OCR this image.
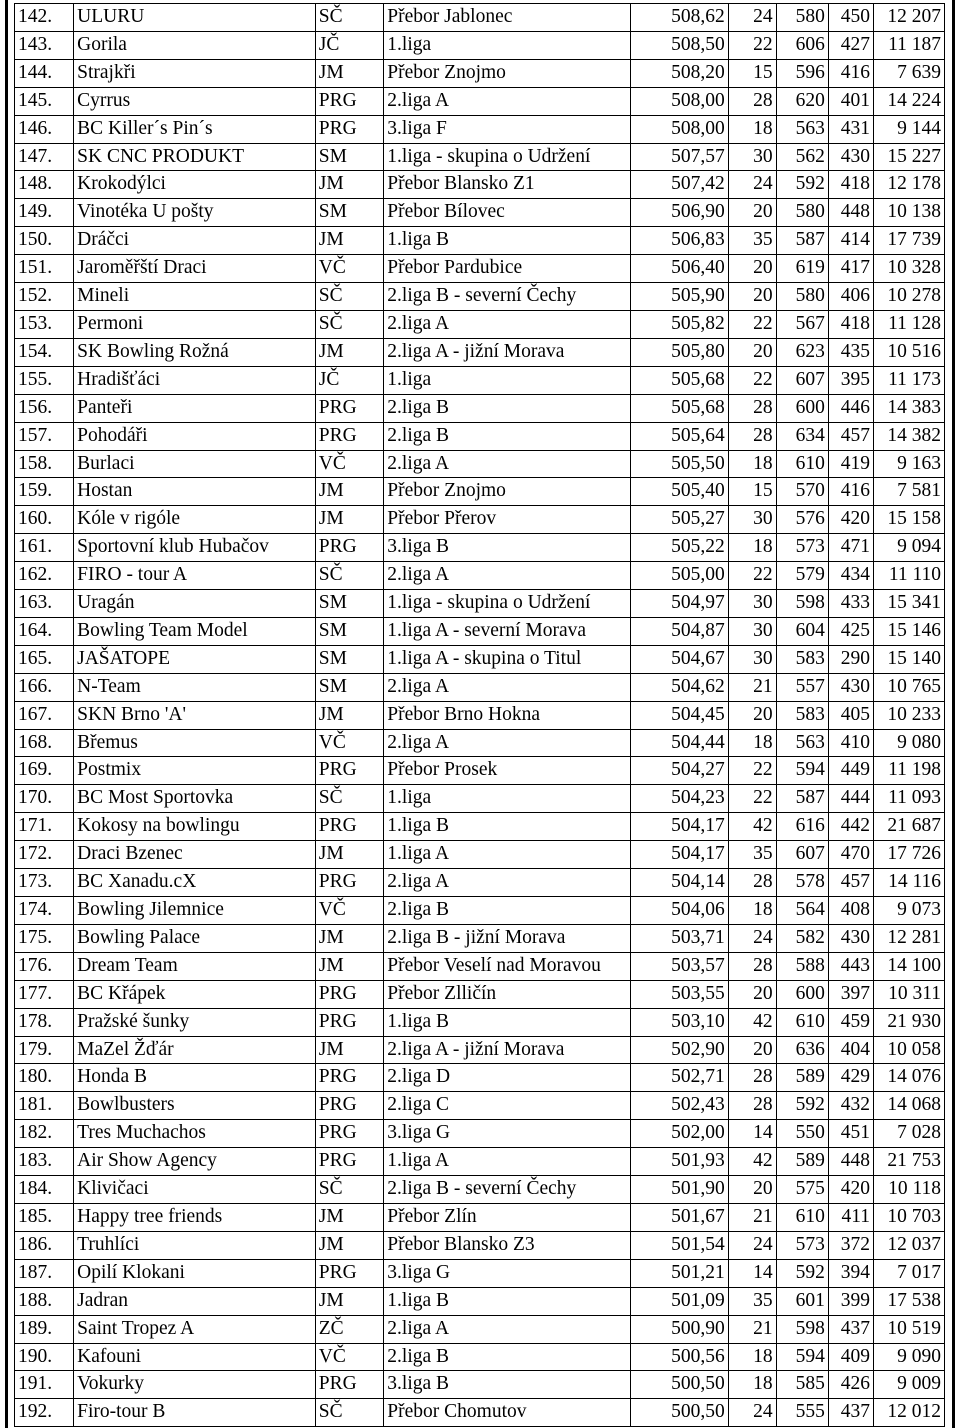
142.	ULURU	SČ	Přebor Jablonec	508,62	24	580	450	12 207
143.	Gorila	JČ	1.liga	508,50	22	606	427	11 187
144.	Strajkři	JM	Přebor Znojmo	508,20	15	596	416	7 639
145.	Cyrrus	PRG	2.liga A	508,00	28	620	401	14 224
146.	BC Killer´s Pin´s	PRG	3.liga F	508,00	18	563	431	9 144
147.	SK CNC PRODUKT	SM	1.liga - skupina o Udržení	507,57	30	562	430	15 227
148.	Krokodýlci	JM	Přebor Blansko Z1	507,42	24	592	418	12 178
149.	Vinotéka U pošty	SM	Přebor Bílovec	506,90	20	580	448	10 138
150.	Dráčci	JM	1.liga B	506,83	35	587	414	17 739
151.	Jaroměřští Draci	VČ	Přebor Pardubice	506,40	20	619	417	10 328
152.	Mineli	SČ	2.liga B - severní Čechy	505,90	20	580	406	10 278
153.	Permoni	SČ	2.liga A	505,82	22	567	418	11 128
154.	SK Bowling Rožná	JM	2.liga A - jižní Morava	505,80	20	623	435	10 516
155.	Hradišťáci	JČ	1.liga	505,68	22	607	395	11 173
156.	Panteři	PRG	2.liga B	505,68	28	600	446	14 383
157.	Pohodáři	PRG	2.liga B	505,64	28	634	457	14 382
158.	Burlaci	VČ	2.liga A	505,50	18	610	419	9 163
159.	Hostan	JM	Přebor Znojmo	505,40	15	570	416	7 581
160.	Kóle v rigóle	JM	Přebor Přerov	505,27	30	576	420	15 158
161.	Sportovní klub Hubačov	PRG	3.liga B	505,22	18	573	471	9 094
162.	FIRO - tour A	SČ	2.liga A	505,00	22	579	434	11 110
163.	Uragán	SM	1.liga - skupina o Udržení	504,97	30	598	433	15 341
164.	Bowling Team Model	SM	1.liga A - severní Morava	504,87	30	604	425	15 146
165.	JAŠATOPE	SM	1.liga A - skupina o Titul	504,67	30	583	290	15 140
166.	N-Team	SM	2.liga A	504,62	21	557	430	10 765
167.	SKN Brno 'A'	JM	Přebor Brno Hokna	504,45	20	583	405	10 233
168.	Břemus	VČ	2.liga A	504,44	18	563	410	9 080
169.	Postmix	PRG	Přebor Prosek	504,27	22	594	449	11 198
170.	BC Most Sportovka	SČ	1.liga	504,23	22	587	444	11 093
171.	Kokosy na bowlingu	PRG	1.liga B	504,17	42	616	442	21 687
172.	Draci Bzenec	JM	1.liga A	504,17	35	607	470	17 726
173.	BC Xanadu.cX	PRG	2.liga A	504,14	28	578	457	14 116
174.	Bowling Jilemnice	VČ	2.liga B	504,06	18	564	408	9 073
175.	Bowling Palace	JM	2.liga B - jižní Morava	503,71	24	582	430	12 281
176.	Dream Team	JM	Přebor Veselí nad Moravou	503,57	28	588	443	14 100
177.	BC Křápek	PRG	Přebor Zllіčín	503,55	20	600	397	10 311
178.	Pražské šunky	PRG	1.liga B	503,10	42	610	459	21 930
179.	MaZel Žďár	JM	2.liga A - jižní Morava	502,90	20	636	404	10 058
180.	Honda B	PRG	2.liga D	502,71	28	589	429	14 076
181.	Bowlbusters	PRG	2.liga C	502,43	28	592	432	14 068
182.	Tres Muchachos	PRG	3.liga G	502,00	14	550	451	7 028
183.	Air Show Agency	PRG	1.liga A	501,93	42	589	448	21 753
184.	Klivičaci	SČ	2.liga B - severní Čechy	501,90	20	575	420	10 118
185.	Happy tree friends	JM	Přebor Zlín	501,67	21	610	411	10 703
186.	Truhlíci	JM	Přebor Blansko Z3	501,54	24	573	372	12 037
187.	Opilí Klokani	PRG	3.liga G	501,21	14	592	394	7 017
188.	Jadran	JM	1.liga B	501,09	35	601	399	17 538
189.	Saint Tropez A	ZČ	2.liga A	500,90	21	598	437	10 519
190.	Kafouni	VČ	2.liga B	500,56	18	594	409	9 090
191.	Vokurky	PRG	3.liga B	500,50	18	585	426	9 009
192.	Firo-tour B	SČ	Přebor Chomutov	500,50	24	555	437	12 012
